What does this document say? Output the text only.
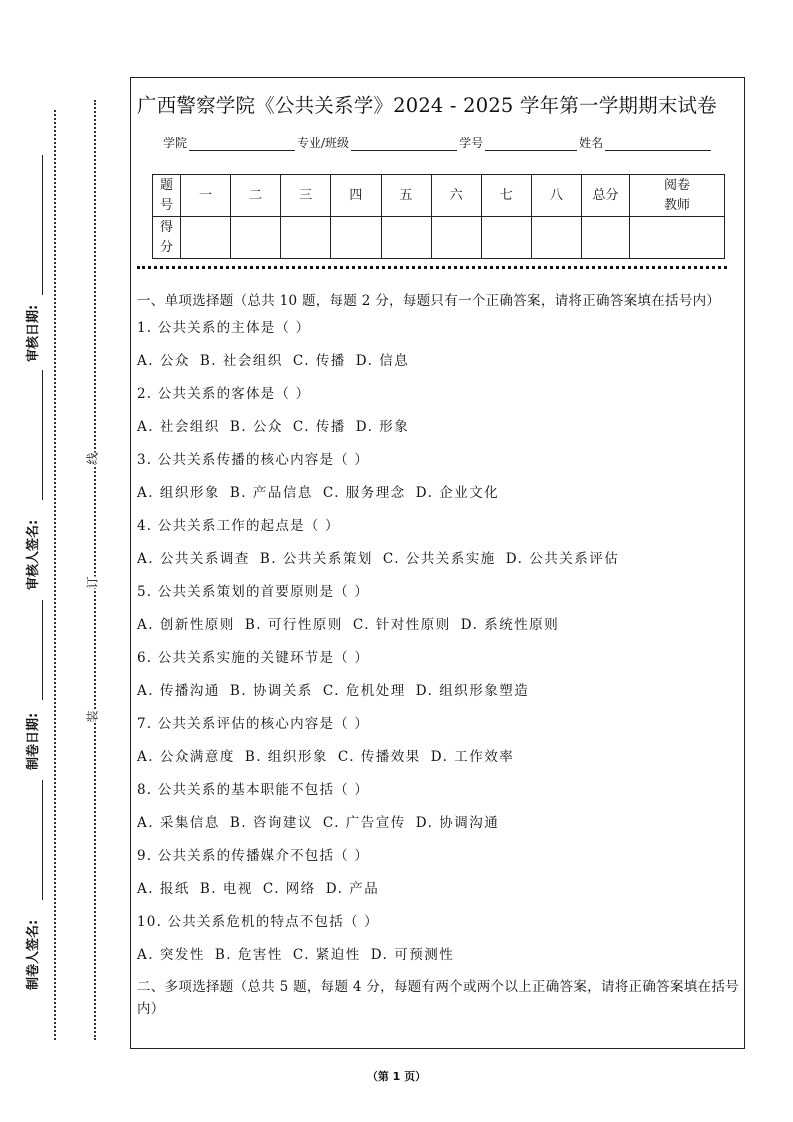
审核日期:
审核人签名:
制卷日期:
制卷人签名:
线
订
装
广西警察学院《公共关系学》2024 - 2025 学年第一学期期末试卷
学院	专业/班级	学号	姓名
题
号	一	二	三	四	五	六	七	八	总分	阅卷
教师
得
分										
一、单项选择题（总共 10 题，每题 2 分，每题只有一个正确答案，请将正确答案填在括号内）
1. 公共关系的主体是（ ）
A. 公众 B. 社会组织 C. 传播 D. 信息
2. 公共关系的客体是（ ）
A. 社会组织 B. 公众 C. 传播 D. 形象
3. 公共关系传播的核心内容是（ ）
A. 组织形象 B. 产品信息 C. 服务理念 D. 企业文化
4. 公共关系工作的起点是（ ）
A. 公共关系调查 B. 公共关系策划 C. 公共关系实施 D. 公共关系评估
5. 公共关系策划的首要原则是（ ）
A. 创新性原则 B. 可行性原则 C. 针对性原则 D. 系统性原则
6. 公共关系实施的关键环节是（ ）
A. 传播沟通 B. 协调关系 C. 危机处理 D. 组织形象塑造
7. 公共关系评估的核心内容是（ ）
A. 公众满意度 B. 组织形象 C. 传播效果 D. 工作效率
8. 公共关系的基本职能不包括（ ）
A. 采集信息 B. 咨询建议 C. 广告宣传 D. 协调沟通
9. 公共关系的传播媒介不包括（ ）
A. 报纸 B. 电视 C. 网络 D. 产品
10. 公共关系危机的特点不包括（ ）
A. 突发性 B. 危害性 C. 紧迫性 D. 可预测性
二、多项选择题（总共 5 题，每题 4 分，每题有两个或两个以上正确答案，请将正确答案填在括号内）
（第 1 页）
